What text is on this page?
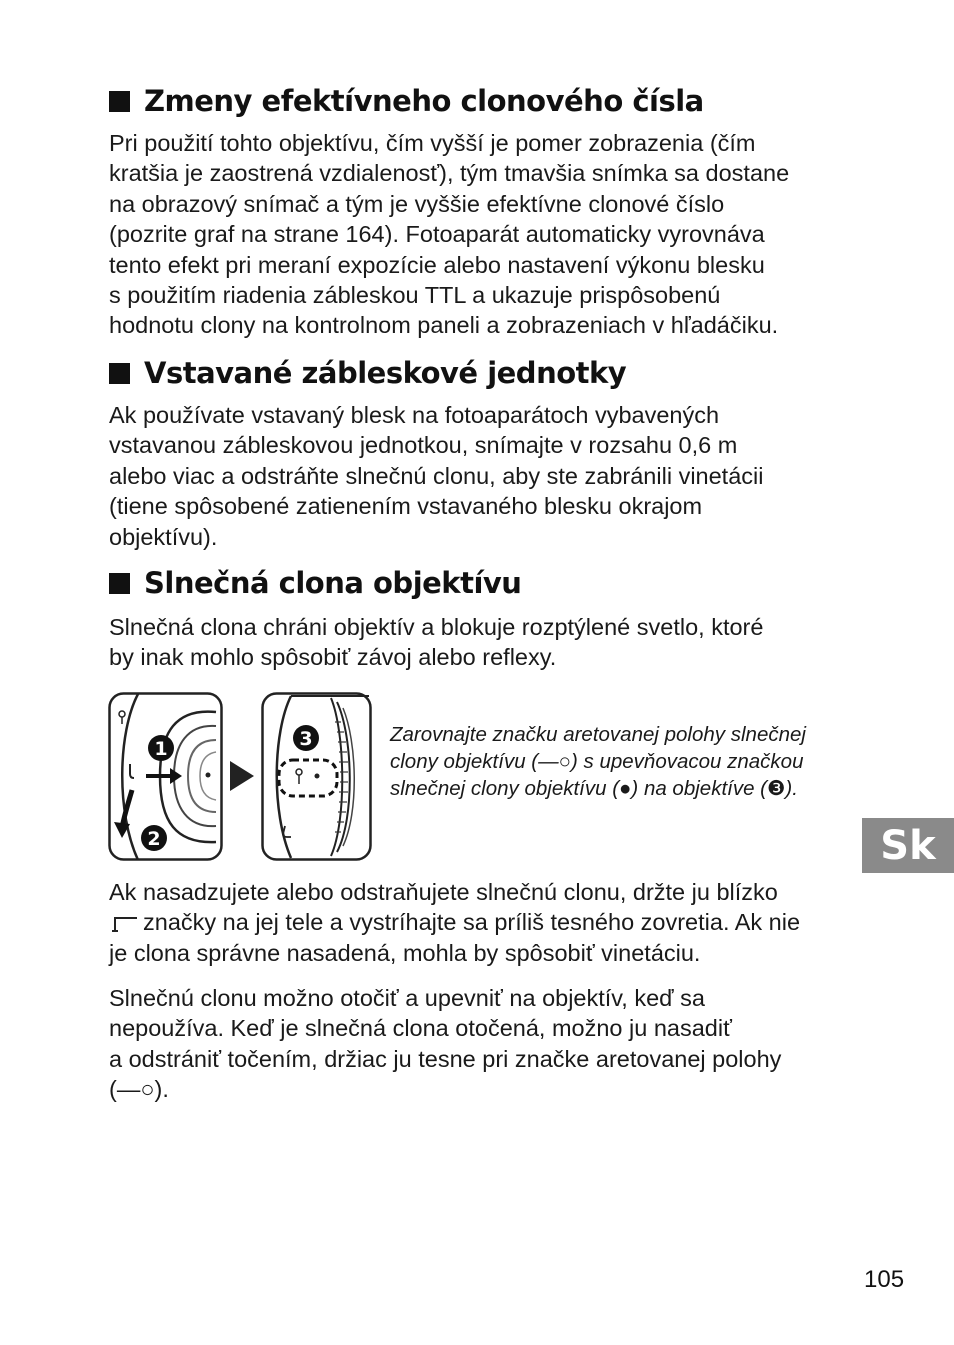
Zmeny efektívneho clonového čísla
Pri použití tohto objektívu, čím vyšší je pomer zobrazenia (čím
kratšia je zaostrená vzdialenosť), tým tmavšia snímka sa dostane
na obrazový snímač a tým je vyššie efektívne clonové číslo
(pozrite graf na strane 164). Fotoaparát automaticky vyrovnáva
tento efekt pri meraní expozície alebo nastavení výkonu blesku
s použitím riadenia zábleskou TTL a ukazuje prispôsobenú
hodnotu clony na kontrolnom paneli a zobrazeniach v hľadáčiku.
Vstavané zábleskové jednotky
Ak používate vstavaný blesk na fotoaparátoch vybavených
vstavanou zábleskovou jednotkou, snímajte v rozsahu 0,6 m
alebo viac a odstráňte slnečnú clonu, aby ste zabránili vinetácii
(tiene spôsobené zatienením vstavaného blesku okrajom
objektívu).
Slnečná clona objektívu
Slnečná clona chráni objektív a blokuje rozptýlené svetlo, ktoré
by inak mohlo spôsobiť závoj alebo reflexy.
1
2
3	Zarovnajte značku aretovanej polohy slnečnej
clony objektívu (—○) s upevňovacou značkou
slnečnej clony objektívu (●) na objektíve (❸).
Ak nasadzujete alebo odstraňujete slnečnú clonu, držte ju blízko
značky na jej tele a vystríhajte sa príliš tesného zovretia. Ak nie
je clona správne nasadená, mohla by spôsobiť vinetáciu.
Slnečnú clonu možno otočiť a upevniť na objektív, keď sa
nepoužíva. Keď je slnečná clona otočená, možno ju nasadiť
a odstrániť točením, držiac ju tesne pri značke aretovanej polohy
(—○).
Sk
105
